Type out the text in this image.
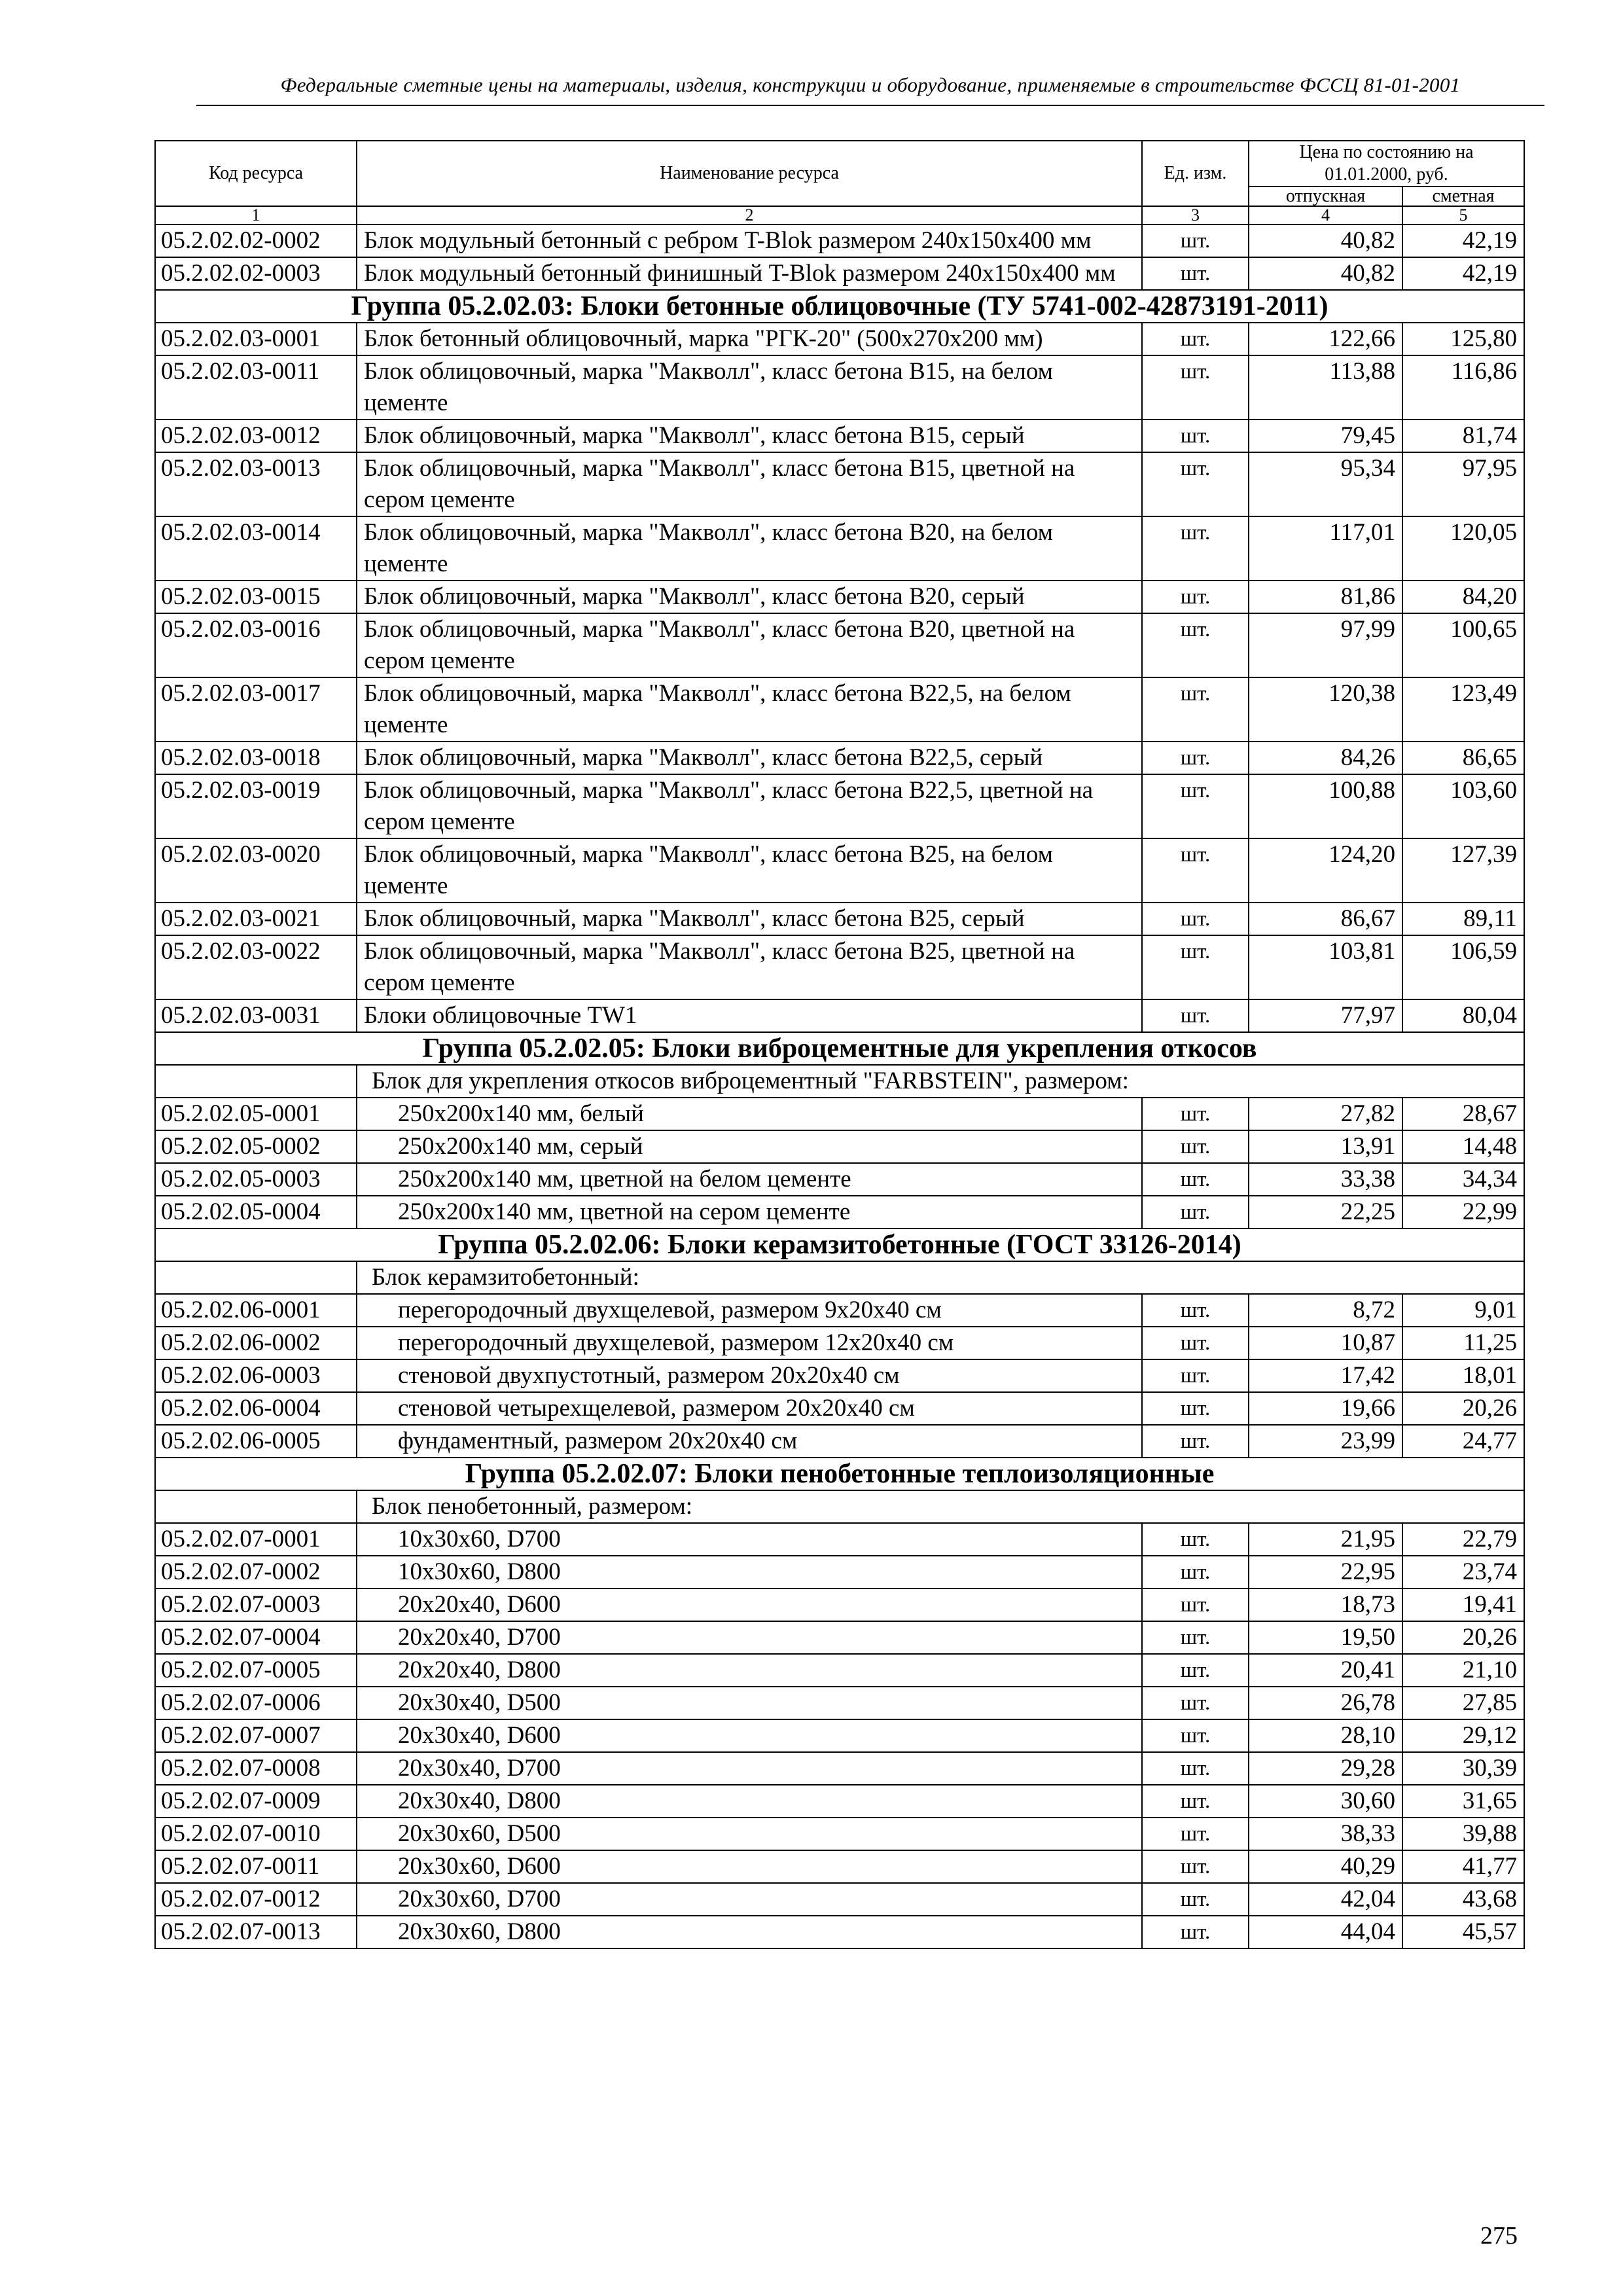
Федеральные сметные цены на материалы, изделия, конструкции и оборудование, применяемые в строительстве ФССЦ 81-01-2001
Код ресурса	Наименование ресурса	Ед. изм.	Цена по состоянию на 01.01.2000, руб.	
			отпускная	сметная
1	2	3	4	5
05.2.02.02-0002	Блок модульный бетонный с ребром T-Blok размером 240х150х400 мм	шт.	40,82	42,19
05.2.02.02-0003	Блок модульный бетонный финишный T-Blok размером 240х150х400 мм	шт.	40,82	42,19
Группа 05.2.02.03: Блоки бетонные облицовочные (ТУ 5741-002-42873191-2011)				
05.2.02.03-0001	Блок бетонный облицовочный, марка "РГК-20" (500х270х200 мм)	шт.	122,66	125,80
05.2.02.03-0011	Блок облицовочный, марка "Макволл", класс бетона В15, на белом цементе	шт.	113,88	116,86
05.2.02.03-0012	Блок облицовочный, марка "Макволл", класс бетона В15, серый	шт.	79,45	81,74
05.2.02.03-0013	Блок облицовочный, марка "Макволл", класс бетона В15, цветной на сером цементе	шт.	95,34	97,95
05.2.02.03-0014	Блок облицовочный, марка "Макволл", класс бетона В20, на белом цементе	шт.	117,01	120,05
05.2.02.03-0015	Блок облицовочный, марка "Макволл", класс бетона В20, серый	шт.	81,86	84,20
05.2.02.03-0016	Блок облицовочный, марка "Макволл", класс бетона В20, цветной на сером цементе	шт.	97,99	100,65
05.2.02.03-0017	Блок облицовочный, марка "Макволл", класс бетона В22,5, на белом цементе	шт.	120,38	123,49
05.2.02.03-0018	Блок облицовочный, марка "Макволл", класс бетона В22,5, серый	шт.	84,26	86,65
05.2.02.03-0019	Блок облицовочный, марка "Макволл", класс бетона В22,5, цветной на сером цементе	шт.	100,88	103,60
05.2.02.03-0020	Блок облицовочный, марка "Макволл", класс бетона В25, на белом цементе	шт.	124,20	127,39
05.2.02.03-0021	Блок облицовочный, марка "Макволл", класс бетона В25, серый	шт.	86,67	89,11
05.2.02.03-0022	Блок облицовочный, марка "Макволл", класс бетона В25, цветной на сером цементе	шт.	103,81	106,59
05.2.02.03-0031	Блоки облицовочные TW1	шт.	77,97	80,04
Группа 05.2.02.05: Блоки виброцементные для укрепления откосов				
	Блок для укрепления откосов виброцементный "FARBSTEIN", размером:			
05.2.02.05-0001	250х200х140 мм, белый	шт.	27,82	28,67
05.2.02.05-0002	250х200х140 мм, серый	шт.	13,91	14,48
05.2.02.05-0003	250х200х140 мм, цветной на белом цементе	шт.	33,38	34,34
05.2.02.05-0004	250х200х140 мм, цветной на сером цементе	шт.	22,25	22,99
Группа 05.2.02.06: Блоки керамзитобетонные (ГОСТ 33126-2014)				
	Блок керамзитобетонный:			
05.2.02.06-0001	перегородочный двухщелевой, размером 9х20х40 см	шт.	8,72	9,01
05.2.02.06-0002	перегородочный двухщелевой, размером 12х20х40 см	шт.	10,87	11,25
05.2.02.06-0003	стеновой двухпустотный, размером 20х20х40 см	шт.	17,42	18,01
05.2.02.06-0004	стеновой четырехщелевой, размером 20х20х40 см	шт.	19,66	20,26
05.2.02.06-0005	фундаментный, размером 20х20х40 см	шт.	23,99	24,77
Группа 05.2.02.07: Блоки пенобетонные теплоизоляционные				
	Блок пенобетонный, размером:			
05.2.02.07-0001	10х30х60, D700	шт.	21,95	22,79
05.2.02.07-0002	10х30х60, D800	шт.	22,95	23,74
05.2.02.07-0003	20х20х40, D600	шт.	18,73	19,41
05.2.02.07-0004	20х20х40, D700	шт.	19,50	20,26
05.2.02.07-0005	20х20х40, D800	шт.	20,41	21,10
05.2.02.07-0006	20х30х40, D500	шт.	26,78	27,85
05.2.02.07-0007	20х30х40, D600	шт.	28,10	29,12
05.2.02.07-0008	20х30х40, D700	шт.	29,28	30,39
05.2.02.07-0009	20х30х40, D800	шт.	30,60	31,65
05.2.02.07-0010	20х30х60, D500	шт.	38,33	39,88
05.2.02.07-0011	20х30х60, D600	шт.	40,29	41,77
05.2.02.07-0012	20х30х60, D700	шт.	42,04	43,68
05.2.02.07-0013	20х30х60, D800	шт.	44,04	45,57
275
